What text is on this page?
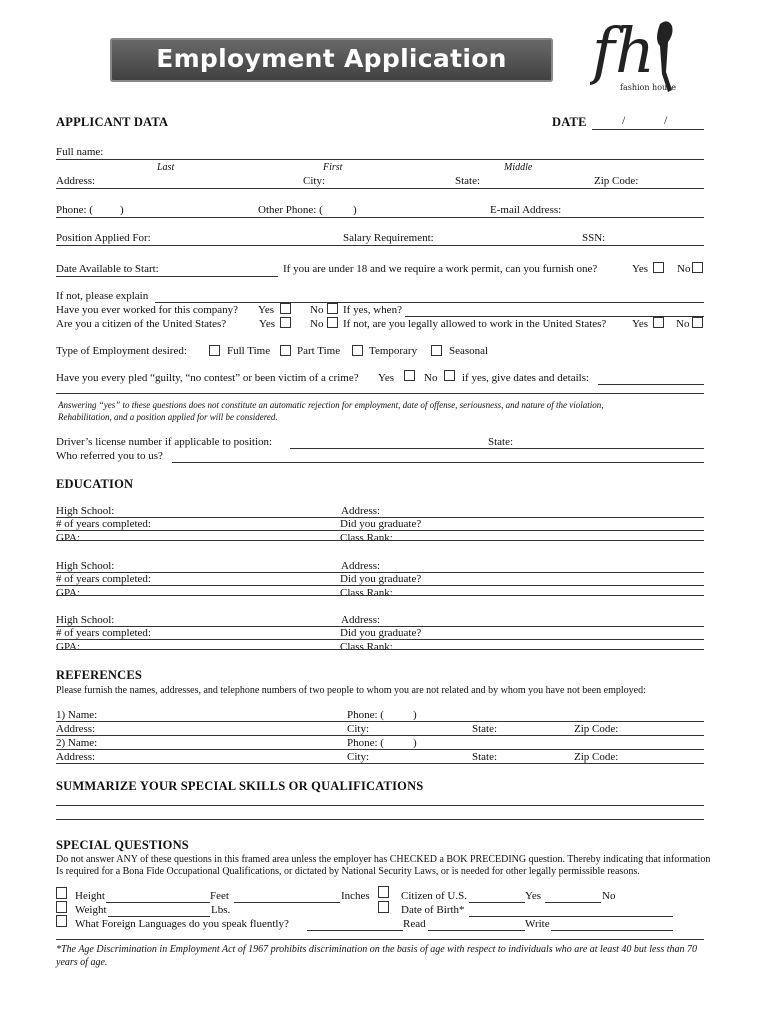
Employment Application	fh
fashion house
APPLICANT DATA	DATE	/	/
Full name:
Last	First	Middle
Address:	City:	State:	Zip Code:
Phone: ( )	Other Phone: (	)	E-mail Address:
Position Applied For:	Salary Requirement:	SSN:
Date Available to Start:	If you are under 18 and we require a work permit, can you furnish one?	Yes	No
If not, please explain
Have you ever worked for this company? Yes	No If yes, when?
Are you a citizen of the United States?	Yes	No If not, are you legally allowed to work in the United States? Yes	No
Type of Employment desired:	Full Time Part Time	Temporary	Seasonal
Have you every pled “guilty, “no contest” or been victim of a crime? Yes	No if yes, give dates and details:
Answering “yes” to these questions does not constitute an automatic rejection for employment, date of offense, seriousness, and nature of the violation,
Rehabilitation, and a position applied for will be considered.
Driver’s license number if applicable to position:	State:
Who referred you to us?
EDUCATION
High School:	Address:
# of years completed:	Did you graduate?
GPA:	Class Rank:
High School:	Address:
# of years completed:	Did you graduate?
GPA:	Class Rank:
High School:	Address:
# of years completed:	Did you graduate?
GPA:	Class Rank:
REFERENCES
Please furnish the names, addresses, and telephone numbers of two people to whom you are not related and by whom you have not been employed:
1) Name:	Phone: (	)
Address:	City:	State:	Zip Code:
2) Name:	Phone: (	)
Address:	City:	State:	Zip Code:
SUMMARIZE YOUR SPECIAL SKILLS OR QUALIFICATIONS
SPECIAL QUESTIONS
Do not answer ANY of these questions in this framed area unless the employer has CHECKED a BOK PRECEDING question. Thereby indicating that information
Is required for a Bona Fide Occupational Qualifications, or dictated by National Security Laws, or is needed for other legally permissible reasons.
Height	Feet	Inches	Citizen of U.S.	Yes	No
Weight	Lbs.	Date of Birth*
What Foreign Languages do you speak fluently?	Read	Write
*The Age Discrimination in Employment Act of 1967 prohibits discrimination on the basis of age with respect to individuals who are at least 40 but less than 70
years of age.
